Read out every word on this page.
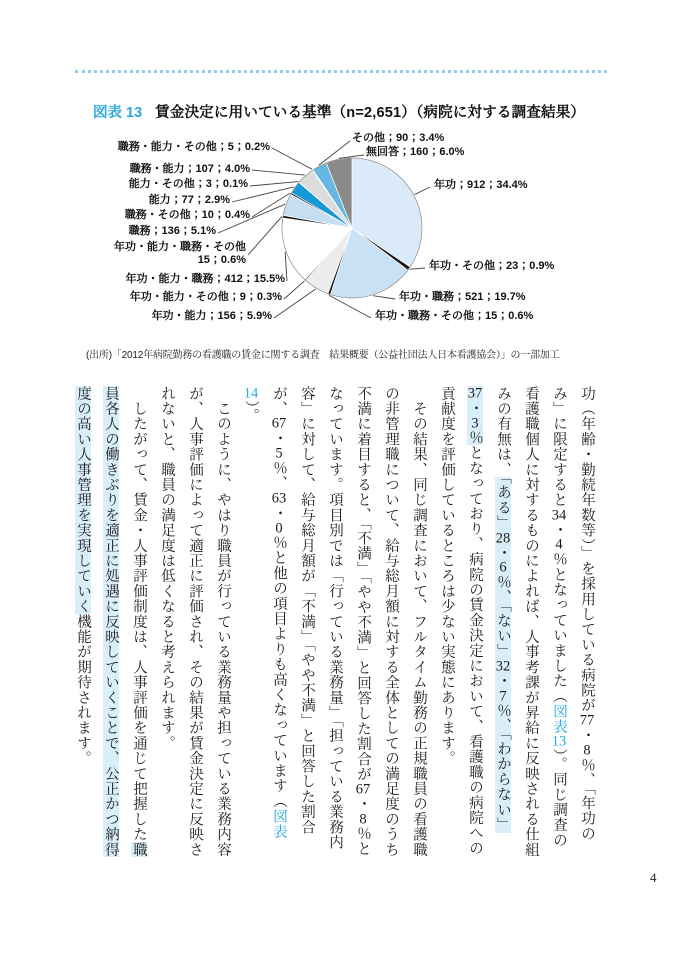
図表 13 賃金決定に用いている基準（n=2,651）（病院に対する調査結果）
職務・能力・その他；5；0.2%
職務・能力；107；4.0%
能力・その他；3；0.1%
能力；77；2.9%
職務・その他；10；0.4%
職務；136；5.1%
年功・能力・職務・その他
15；0.6%
年功・能力・職務；412；15.5%
年功・能力・その他；9；0.3%
年功・能力；156；5.9%
その他；90；3.4%
無回答；160；6.0%
年功；912；34.4%
年功・その他；23；0.9%
年功・職務；521；19.7%
年功・職務・その他；15；0.6%
(出所)「2012年病院勤務の看護職の賃金に関する調査　結果概要（公益社団法人日本看護協会）」の一部加工
功（年齢・勤続年数等）」を採用している病院が77・8％、「年功の
み」に限定すると34・4％となっていました（図表13）。同じ調査の
看護職個人に対するものによれば、人事考課が昇給に反映される仕組
みの有無は、「ある」28・6％、「ない」32・7％、「わからない」
37・3％となっており、病院の賃金決定において、看護職の病院への
貢献度を評価しているところは少ない実態にあります。
　その結果、同じ調査において、フルタイム勤務の正規職員の看護職
の非管理職について、給与総月額に対する全体としての満足度のうち
不満に着目すると、「不満」「やや不満」と回答した割合が67・8％と
なっています。項目別では「行っている業務量」「担っている業務内
容」に対して、給与総月額が「不満」「やや不満」と回答した割合
が、67・5％、63・0％と他の項目よりも高くなっています（図表
14）。
　このように、やはり職員が行っている業務量や担っている業務内容
が、人事評価によって適正に評価され、その結果が賃金決定に反映さ
れないと、職員の満足度は低くなると考えられます。
　したがって、賃金・人事評価制度は、人事評価を通じて把握した職
員各人の働きぶりを適正に処遇に反映していくことで、公正かつ納得
度の高い人事管理を実現していく機能が期待されます。
4
